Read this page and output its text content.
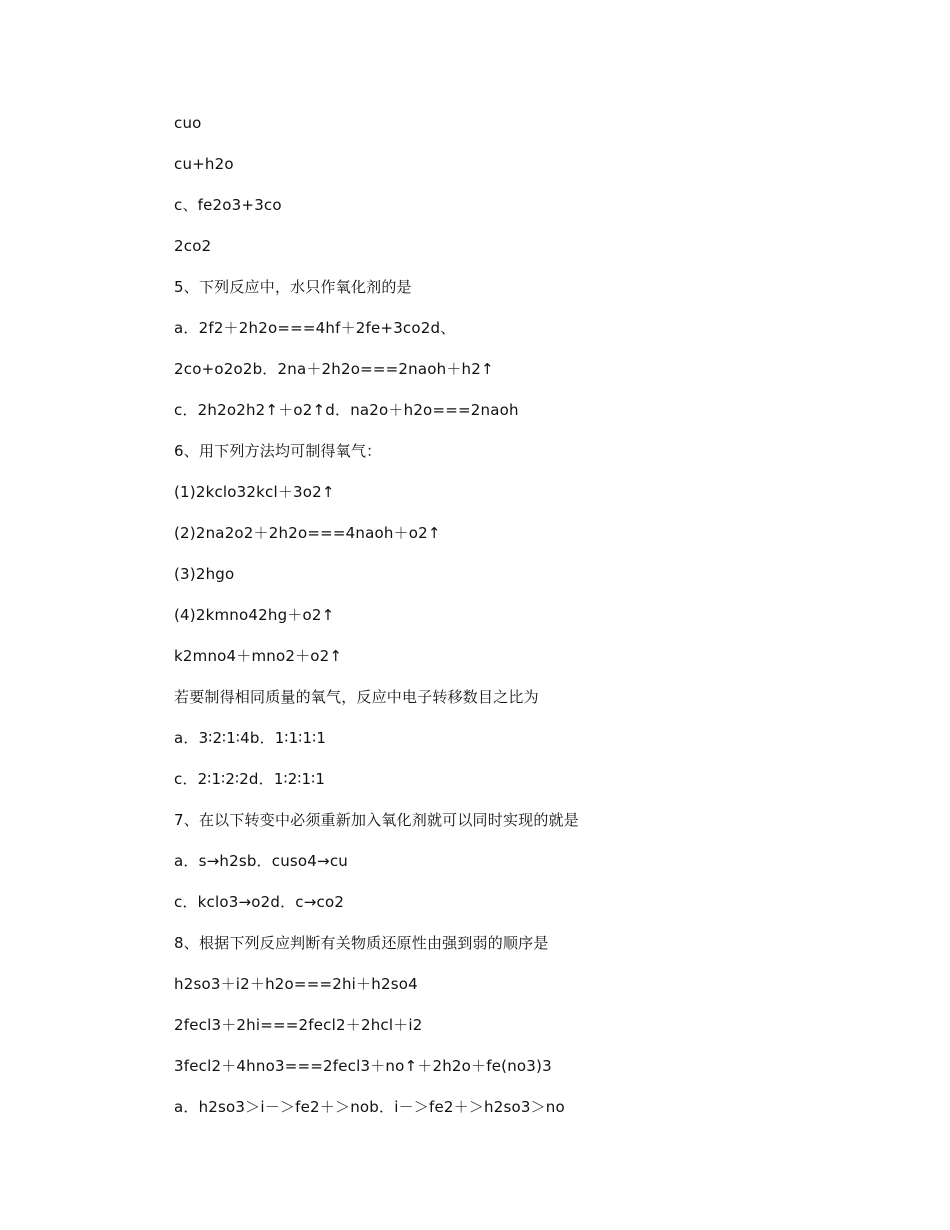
cuo
cu+h2o
c、fe2o3+3co
2co2
5、下列反应中，水只作氧化剂的是
a．2f2＋2h2o===4hf＋2fe+3co2d、
2co+o2o2b．2na＋2h2o===2naoh＋h2↑
c．2h2o2h2↑＋o2↑d．na2o＋h2o===2naoh
6、用下列方法均可制得氧气：
(1)2kclo32kcl＋3o2↑
(2)2na2o2＋2h2o===4naoh＋o2↑
(3)2hgo
(4)2kmno42hg＋o2↑
k2mno4＋mno2＋o2↑
若要制得相同质量的氧气，反应中电子转移数目之比为
a．3∶2∶1∶4b．1∶1∶1∶1
c．2∶1∶2∶2d．1∶2∶1∶1
7、在以下转变中必须重新加入氧化剂就可以同时实现的就是
a．s→h2sb．cuso4→cu
c．kclo3→o2d．c→co2
8、根据下列反应判断有关物质还原性由强到弱的顺序是
h2so3＋i2＋h2o===2hi＋h2so4
2fecl3＋2hi===2fecl2＋2hcl＋i2
3fecl2＋4hno3===2fecl3＋no↑＋2h2o＋fe(no3)3
a．h2so3＞i－＞fe2＋＞nob．i－＞fe2＋＞h2so3＞no
